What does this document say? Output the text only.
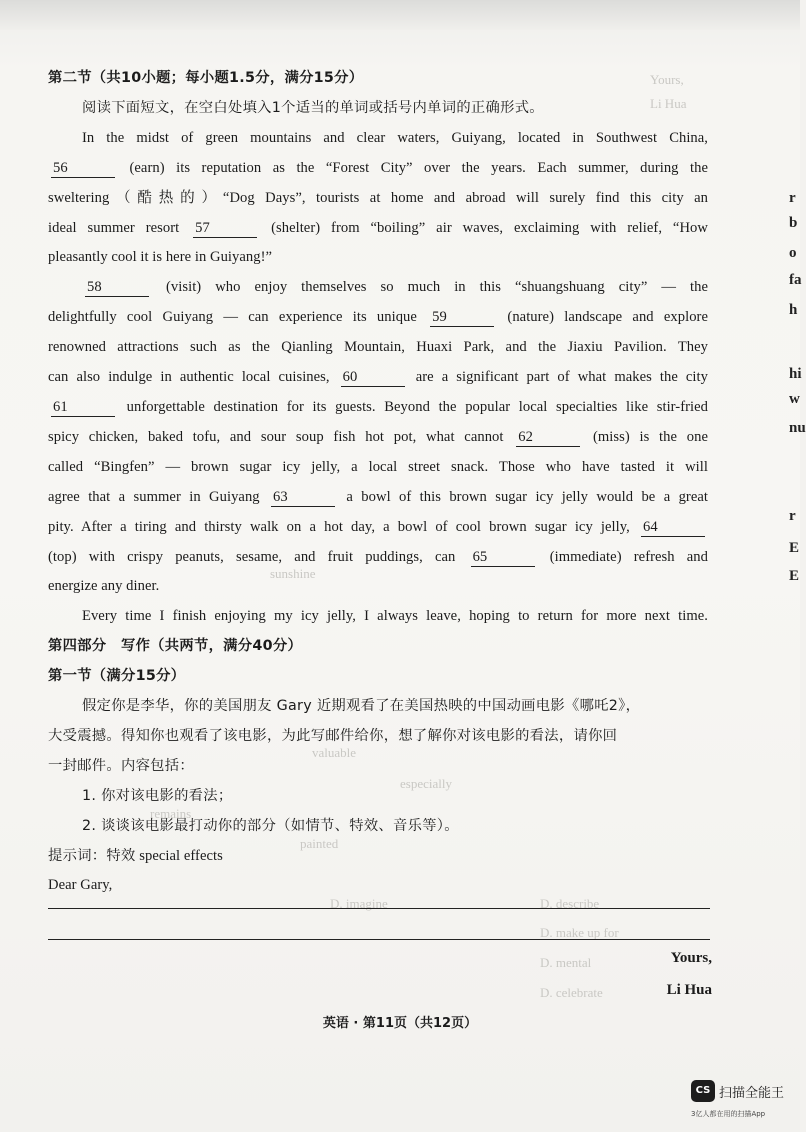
sunshine
valuable
especially
painted
remains
D. imagine	D. describe
D. make up for
D. mental
D. celebrate
Yours,
Li Hua
r
b
o
fa
h
hi
w
nu
r
E
E
第二节（共10小题；每小题1.5分，满分15分）
阅读下面短文，在空白处填入1个适当的单词或括号内单词的正确形式。
In the midst of green mountains and clear waters, Guiyang, located in Southwest China,
56	(earn) its reputation as the “Forest City” over the years. Each summer, during the
sweltering（酷热的）“Dog Days”, tourists at home and abroad will surely find this city an
ideal summer resort 57	(shelter) from “boiling” air waves, exclaiming with relief, “How
pleasantly cool it is here in Guiyang!”
58	(visit) who enjoy themselves so much in this “shuangshuang city” — the
delightfully cool Guiyang — can experience its unique 59	(nature) landscape and explore
renowned attractions such as the Qianling Mountain, Huaxi Park, and the Jiaxiu Pavilion. They
can also indulge in authentic local cuisines, 60	are a significant part of what makes the city
61	unforgettable destination for its guests. Beyond the popular local specialties like stir-fried
spicy chicken, baked tofu, and sour soup fish hot pot, what cannot 62	(miss) is the one
called “Bingfen” — brown sugar icy jelly, a local street snack. Those who have tasted it will
agree that a summer in Guiyang 63	a bowl of this brown sugar icy jelly would be a great
pity. After a tiring and thirsty walk on a hot day, a bowl of cool brown sugar icy jelly, 64
(top) with crispy peanuts, sesame, and fruit puddings, can 65	(immediate) refresh and
energize any diner.
Every time I finish enjoying my icy jelly, I always leave, hoping to return for more next time.
第四部分　写作（共两节，满分40分）
第一节（满分15分）
假定你是李华，你的美国朋友 Gary 近期观看了在美国热映的中国动画电影《哪吒2》，
大受震撼。得知你也观看了该电影，为此写邮件给你，想了解你对该电影的看法，请你回
一封邮件。内容包括：
1. 你对该电影的看法；
2. 谈谈该电影最打动你的部分（如情节、特效、音乐等）。
提示词：特效 special effects
Dear Gary,
Yours,
Li Hua
英语 · 第11页（共12页）
CS 扫描全能王
3亿人都在用的扫描App
